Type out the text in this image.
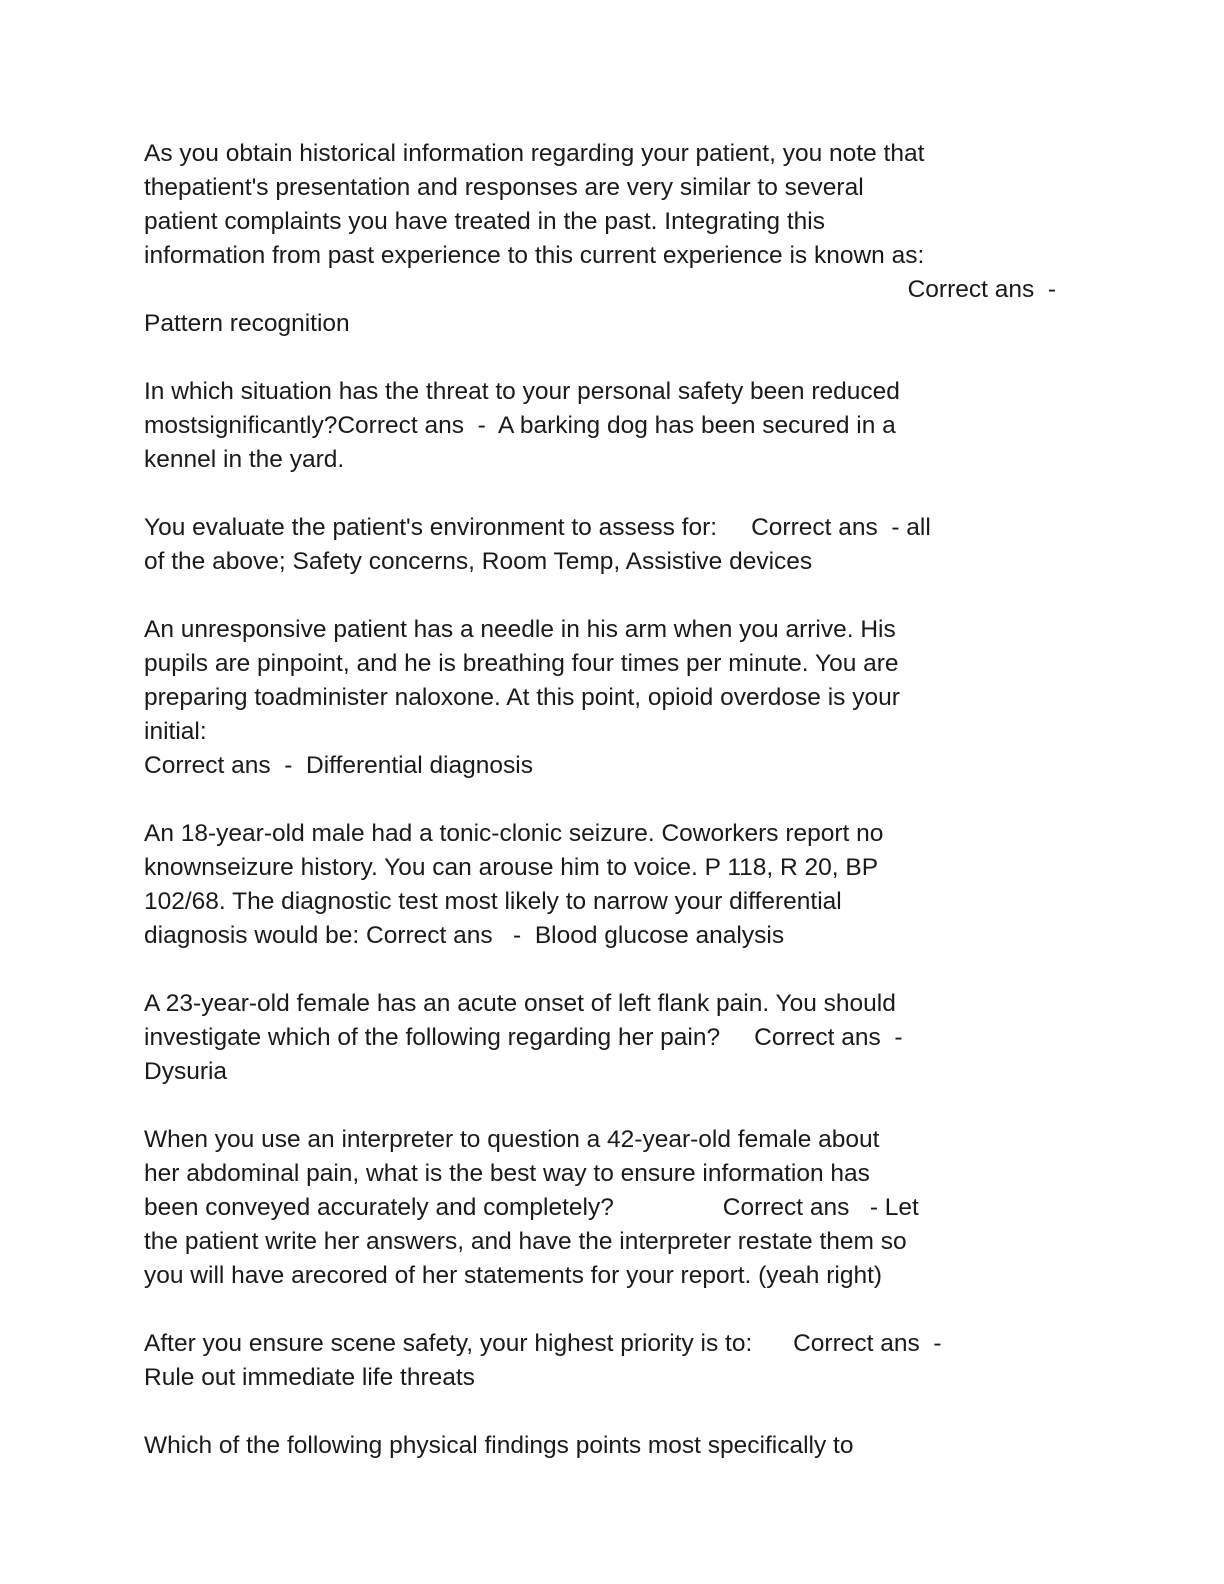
As you obtain historical information regarding your patient, you note that
thepatient's presentation and responses are very similar to several
patient complaints you have treated in the past. Integrating this
information from past experience to this current experience is known as:
Correct ans  -
Pattern recognition
In which situation has the threat to your personal safety been reduced
mostsignificantly?Correct ans  -  A barking dog has been secured in a
kennel in the yard.
You evaluate the patient's environment to assess for:     Correct ans  - all
of the above; Safety concerns, Room Temp, Assistive devices
An unresponsive patient has a needle in his arm when you arrive. His
pupils are pinpoint, and he is breathing four times per minute. You are
preparing toadminister naloxone. At this point, opioid overdose is your
initial:
Correct ans  -  Differential diagnosis
An 18-year-old male had a tonic-clonic seizure. Coworkers report no
knownseizure history. You can arouse him to voice. P 118, R 20, BP
102/68. The diagnostic test most likely to narrow your differential
diagnosis would be: Correct ans   -  Blood glucose analysis
A 23-year-old female has an acute onset of left flank pain. You should
investigate which of the following regarding her pain?     Correct ans  -
Dysuria
When you use an interpreter to question a 42-year-old female about
her abdominal pain, what is the best way to ensure information has
been conveyed accurately and completely?                Correct ans   - Let
the patient write her answers, and have the interpreter restate them so
you will have arecored of her statements for your report. (yeah right)
After you ensure scene safety, your highest priority is to:      Correct ans  -
Rule out immediate life threats
Which of the following physical findings points most specifically to
